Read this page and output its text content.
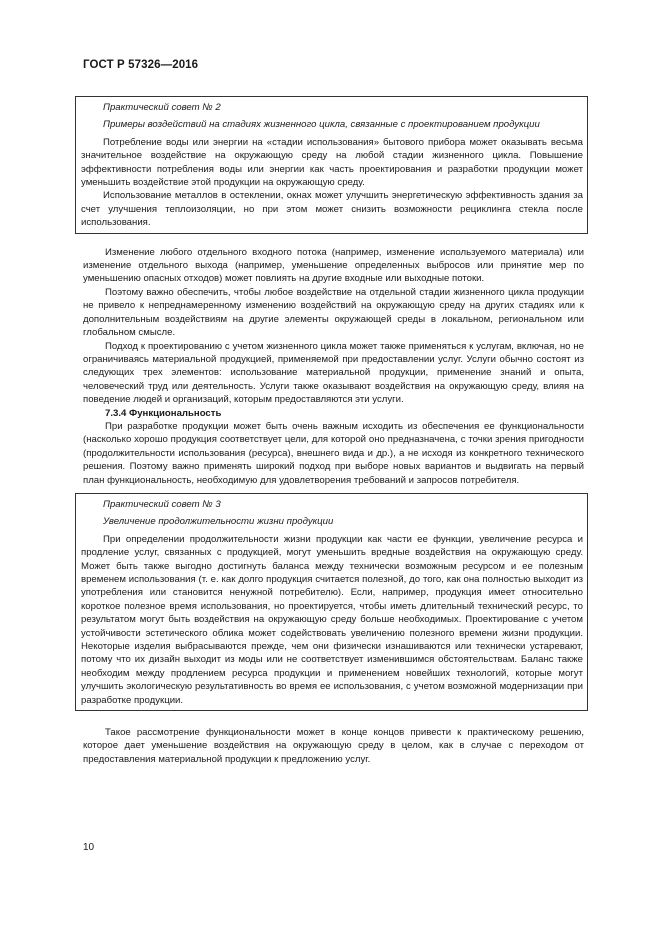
ГОСТ Р 57326—2016

Практический совет № 2

Примеры воздействий на стадиях жизненного цикла, связанные с проектированием продукции

Потребление воды или энергии на «стадии использования» бытового прибора может оказывать весьма значительное воздействие на окружающую среду на любой стадии жизненного цикла. Повышение эффективности потребления воды или энергии как часть проектирования и разработки продукции может уменьшить воздействие этой продукции на окружающую среду.

Использование металлов в остеклении, окнах может улучшить энергетическую эффективность здания за счет улучшения теплоизоляции, но при этом может снизить возможности рециклинга стекла после использования.

Изменение любого отдельного входного потока (например, изменение используемого материала) или изменение отдельного выхода (например, уменьшение определенных выбросов или принятие мер по уменьшению опасных отходов) может повлиять на другие входные или выходные потоки.

Поэтому важно обеспечить, чтобы любое воздействие на отдельной стадии жизненного цикла продукции не привело к непреднамеренному изменению воздействий на окружающую среду на других стадиях или к дополнительным воздействиям на другие элементы окружающей среды в локальном, региональном или глобальном смысле.

Подход к проектированию с учетом жизненного цикла может также применяться к услугам, включая, но не ограничиваясь материальной продукцией, применяемой при предоставлении услуг. Услуги обычно состоят из следующих трех элементов: использование материальной продукции, применение знаний и опыта, человеческий труд или деятельность. Услуги также оказывают воздействия на окружающую среду, влияя на поведение людей и организаций, которым предоставляются эти услуги.

7.3.4 Функциональность

При разработке продукции может быть очень важным исходить из обеспечения ее функциональности (насколько хорошо продукция соответствует цели, для которой оно предназначена, с точки зрения пригодности (продолжительности использования (ресурса), внешнего вида и др.), а не исходя из конкретного технического решения. Поэтому важно применять широкий подход при выборе новых вариантов и выдвигать на первый план функциональность, необходимую для удовлетворения требований и запросов потребителя.

Практический совет № 3

Увеличение продолжительности жизни продукции

При определении продолжительности жизни продукции как части ее функции, увеличение ресурса и продление услуг, связанных с продукцией, могут уменьшить вредные воздействия на окружающую среду. Может быть также выгодно достигнуть баланса между технически возможным ресурсом и ее полезным временем использования (т. е. как долго продукция считается полезной, до того, как она полностью выходит из употребления или становится ненужной потребителю). Если, например, продукция имеет относительно короткое полезное время использования, но проектируется, чтобы иметь длительный технический ресурс, то результатом могут быть воздействия на окружающую среду больше необходимых. Проектирование с учетом устойчивости эстетического облика может содействовать увеличению полезного времени жизни продукции. Некоторые изделия выбрасываются прежде, чем они физически изнашиваются или технически устаревают, потому что их дизайн выходит из моды или не соответствует изменившимся обстоятельствам. Баланс также необходим между продлением ресурса продукции и применением новейших технологий, которые могут улучшить экологическую результативность во время ее использования, с учетом возможной модернизации при разработке продукции.

Такое рассмотрение функциональности может в конце концов привести к практическому решению, которое дает уменьшение воздействия на окружающую среду в целом, как в случае с переходом от предоставления материальной продукции к предложению услуг.

10
